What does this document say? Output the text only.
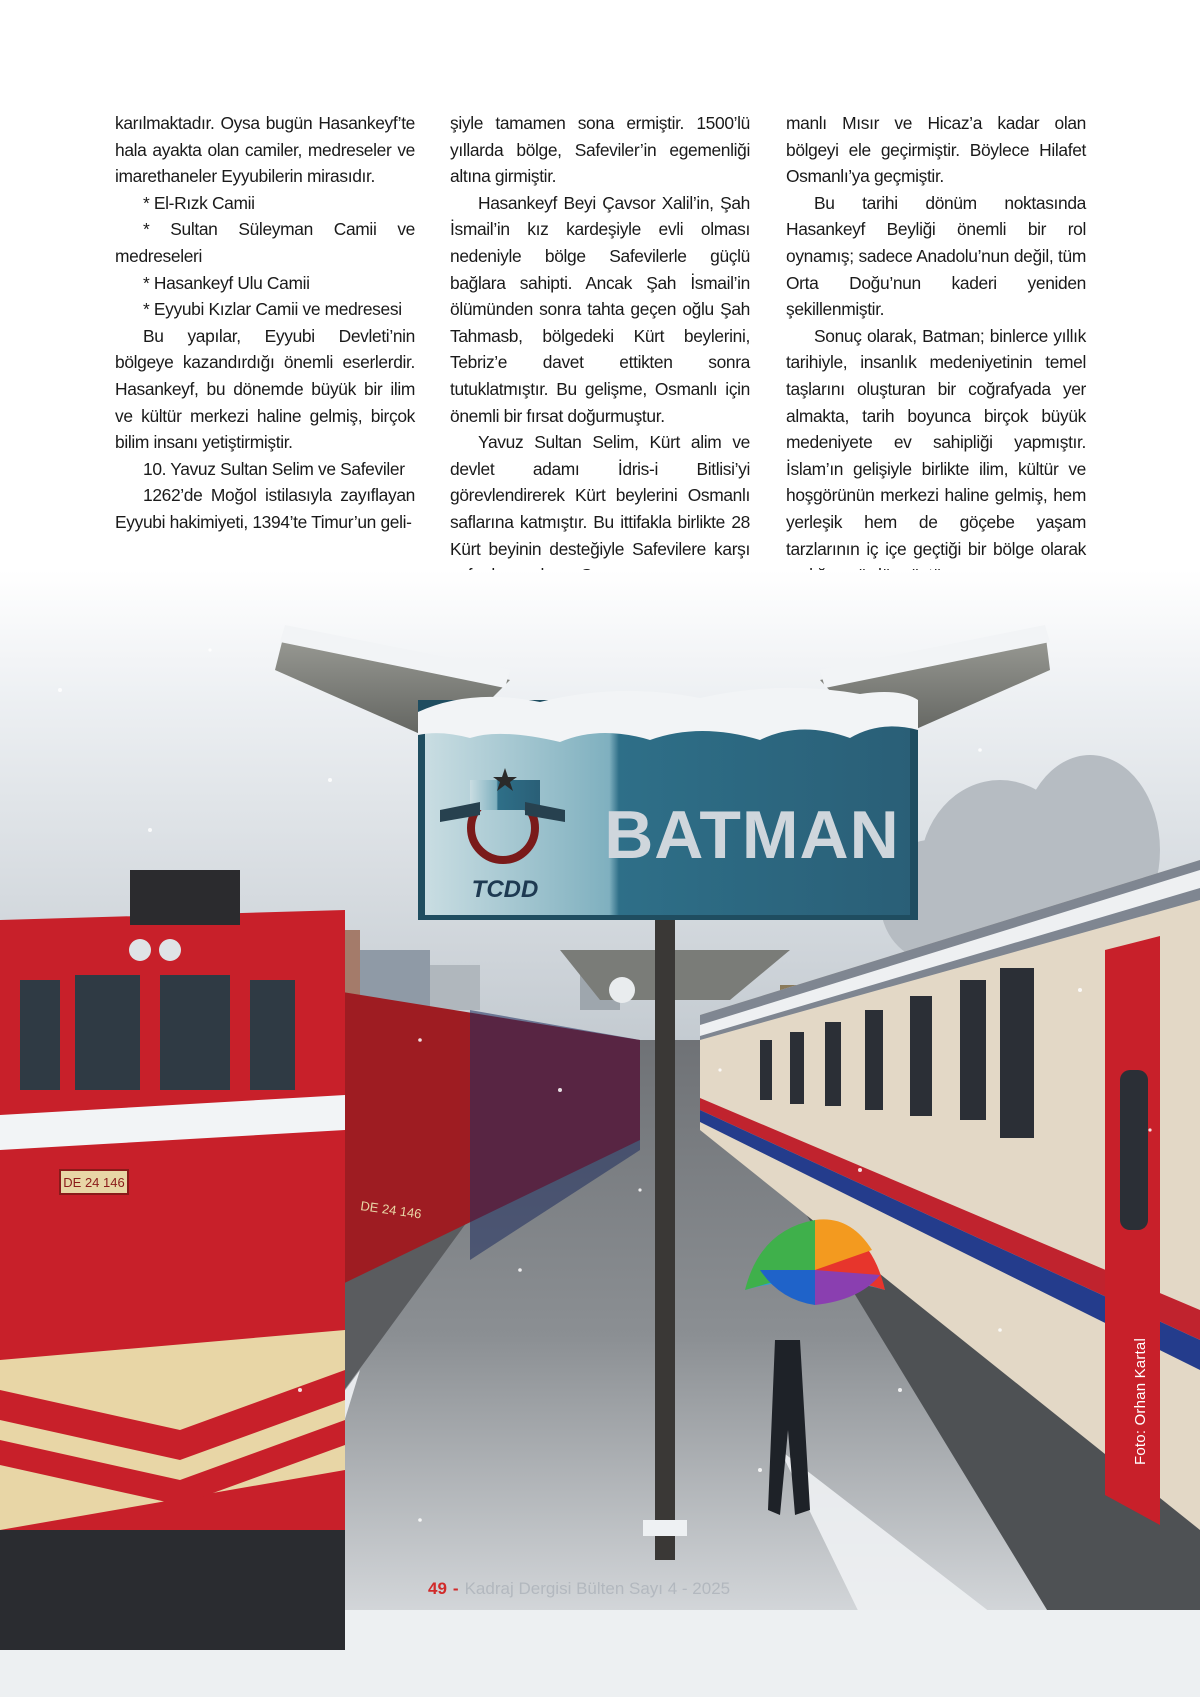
karılmaktadır. Oysa bugün Hasankeyf’te hala ayakta olan camiler, medreseler ve imarethaneler Eyyubilerin mirasıdır.

* El-Rızk Camii

* Sultan Süleyman Camii ve medreseleri

* Hasankeyf Ulu Camii

* Eyyubi Kızlar Camii ve medresesi

Bu yapılar, Eyyubi Devleti’nin bölgeye kazandırdığı önemli eserlerdir. Hasankeyf, bu dönemde büyük bir ilim ve kültür merkezi haline gelmiş, birçok bilim insanı yetiştirmiştir.

10. Yavuz Sultan Selim ve Safeviler

1262’de Moğol istilasıyla zayıflayan Eyyubi hakimiyeti, 1394’te Timur’un geli-

şiyle tamamen sona ermiştir. 1500’lü yıllarda bölge, Safeviler’in egemenliği altına girmiştir.

Hasankeyf Beyi Çavsor Xalil’in, Şah İsmail’in kız kardeşiyle evli olması nedeniyle bölge Safevilerle güçlü bağlara sahipti. Ancak Şah İsmail’in ölümünden sonra tahta geçen oğlu Şah Tahmasb, bölgedeki Kürt beylerini, Tebriz’e davet ettikten sonra tutuklatmıştır. Bu gelişme, Osmanlı için önemli bir fırsat doğurmuştur.

Yavuz Sultan Selim, Kürt alim ve devlet adamı İdris-i Bitlisi’yi görevlendirerek Kürt beylerini Osmanlı saflarına katmıştır. Bu ittifakla birlikte 28 Kürt beyinin desteğiyle Safevilere karşı

manlı Mısır ve Hicaz’a kadar olan bölgeyi ele geçirmiştir. Böylece Hilafet Osmanlı’ya geçmiştir.

Bu tarihi dönüm noktasında Hasankeyf Beyliği önemli bir rol oynamış; sadece Anadolu’nun değil, tüm Orta Doğu’nun kaderi yeniden şekillenmiştir.

Sonuç olarak, Batman; binlerce yıllık tarihiyle, insanlık medeniyetinin temel taşlarını oluşturan bir coğrafyada yer almakta, tarih boyunca birçok büyük medeniyete ev sahipliği yapmıştır. İslam’ın gelişiyle birlikte ilim, kültür ve hoşgörünün merkezi haline gelmiş, hem yerleşik hem de göçebe yaşam tarzlarının iç içe geçtiği bir bölge olarak

DE 24 146
DE 24 146
TCDD
BATMAN
Foto: Orhan Kartal
49 - Kadraj Dergisi Bülten Sayı 4 - 2025
